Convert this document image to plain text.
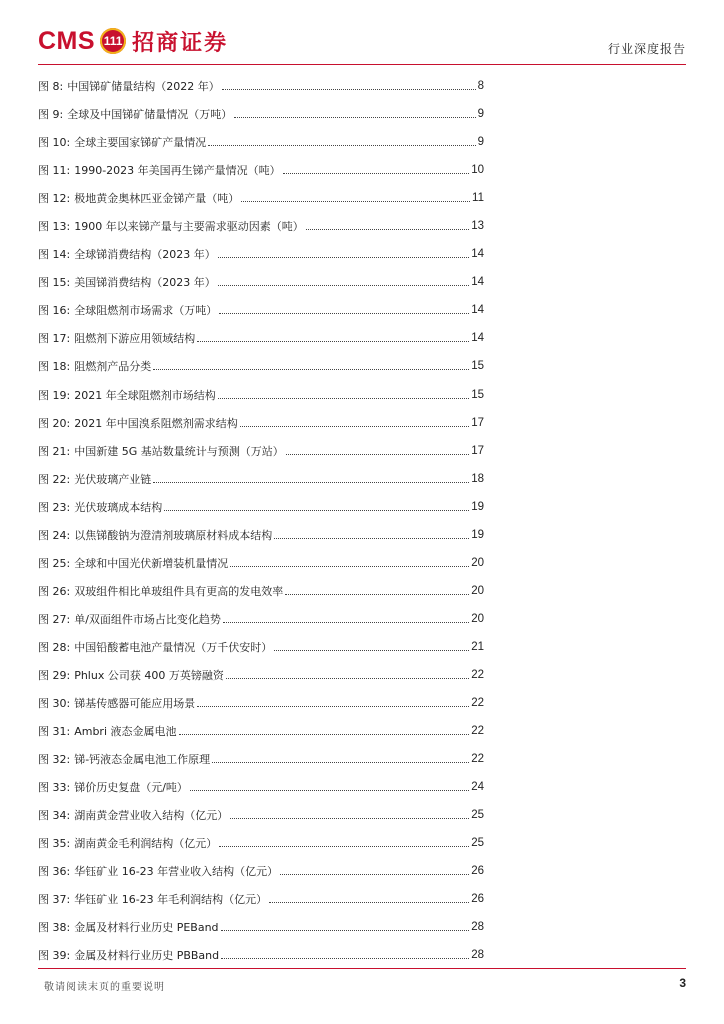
CMS 111 招商证券	行业深度报告
图 8: 中国锑矿储量结构（2022 年）	8
图 9: 全球及中国锑矿储量情况（万吨）	9
图 10: 全球主要国家锑矿产量情况	9
图 11: 1990-2023 年美国再生锑产量情况（吨）	10
图 12: 极地黄金奥林匹亚金锑产量（吨）	11
图 13: 1900 年以来锑产量与主要需求驱动因素（吨）	13
图 14: 全球锑消费结构（2023 年）	14
图 15: 美国锑消费结构（2023 年）	14
图 16: 全球阻燃剂市场需求（万吨）	14
图 17: 阻燃剂下游应用领域结构	14
图 18: 阻燃剂产品分类	15
图 19: 2021 年全球阻燃剂市场结构	15
图 20: 2021 年中国溴系阻燃剂需求结构	17
图 21: 中国新建 5G 基站数量统计与预测（万站）	17
图 22: 光伏玻璃产业链	18
图 23: 光伏玻璃成本结构	19
图 24: 以焦锑酸钠为澄清剂玻璃原材料成本结构	19
图 25: 全球和中国光伏新增装机量情况	20
图 26: 双玻组件相比单玻组件具有更高的发电效率	20
图 27: 单/双面组件市场占比变化趋势	20
图 28: 中国铅酸蓄电池产量情况（万千伏安时）	21
图 29: Phlux 公司获 400 万英镑融资	22
图 30: 锑基传感器可能应用场景	22
图 31: Ambri 液态金属电池	22
图 32: 锑-钙液态金属电池工作原理	22
图 33: 锑价历史复盘（元/吨）	24
图 34: 湖南黄金营业收入结构（亿元）	25
图 35: 湖南黄金毛利润结构（亿元）	25
图 36: 华钰矿业 16-23 年营业收入结构（亿元）	26
图 37: 华钰矿业 16-23 年毛利润结构（亿元）	26
图 38: 金属及材料行业历史 PEBand	28
图 39: 金属及材料行业历史 PBBand	28
敬请阅读末页的重要说明	3
